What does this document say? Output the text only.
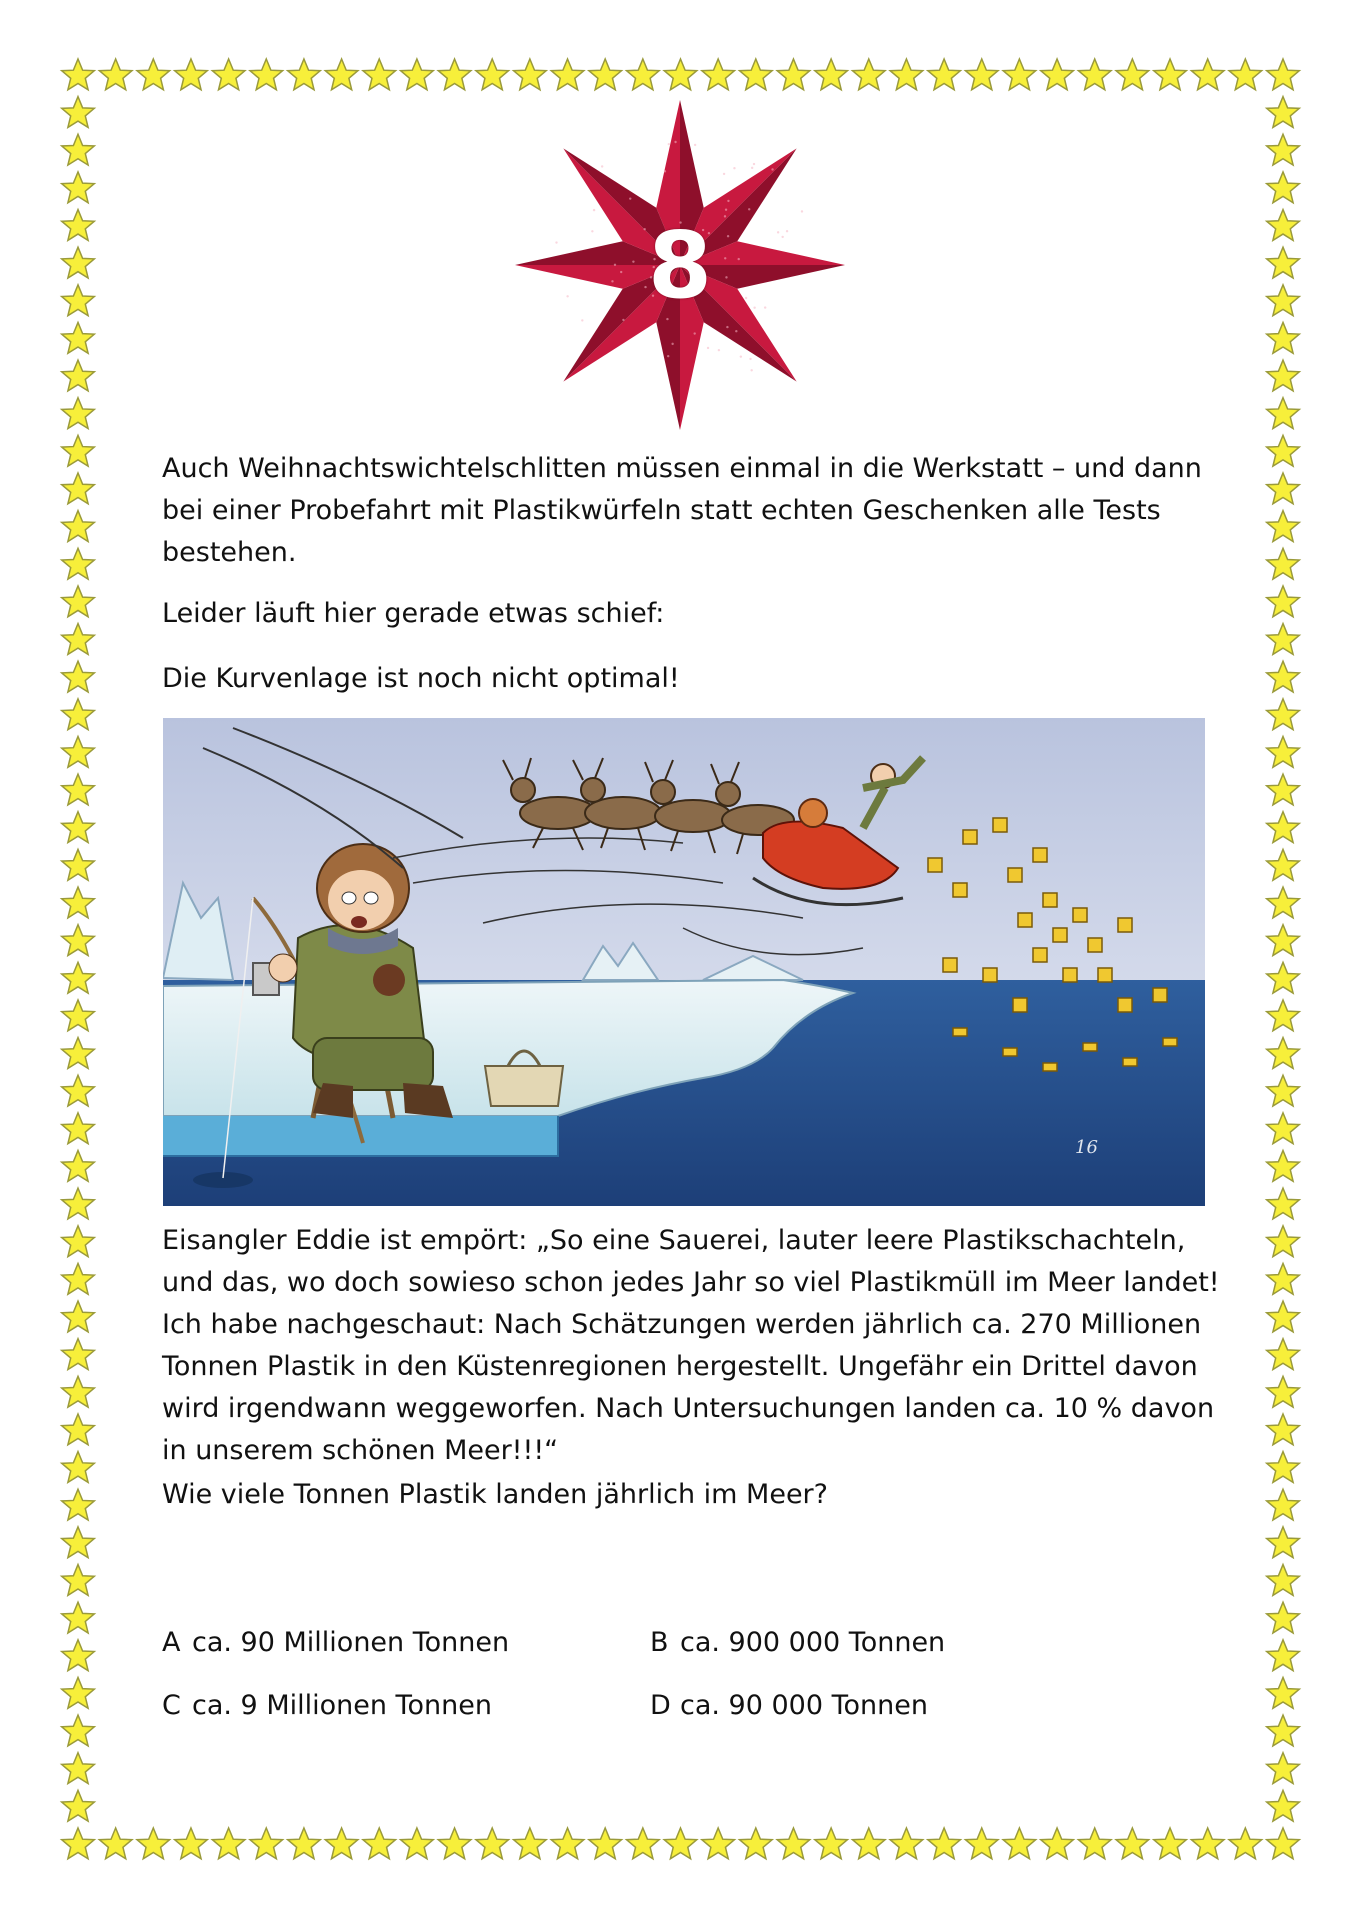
8

Auch Weihnachtswichtelschlitten müssen einmal in die Werkstatt – und dann bei einer Probefahrt mit Plastikwürfeln statt echten Geschenken alle Tests bestehen.

Leider läuft hier gerade etwas schief:

Die Kurvenlage ist noch nicht optimal!

16

Eisangler Eddie ist empört: „So eine Sauerei, lauter leere Plastikschachteln, und das, wo doch sowieso schon jedes Jahr so viel Plastikmüll im Meer landet! Ich habe nachgeschaut: Nach Schätzungen werden jährlich ca. 270 Millionen Tonnen Plastik in den Küstenregionen hergestellt. Ungefähr ein Drittel davon wird irgendwann weggeworfen. Nach Untersuchungen landen ca. 10 % davon in unserem schönen Meer!!!“

Wie viele Tonnen Plastik landen jährlich im Meer?

A ca. 90 Millionen Tonnen	B ca. 900 000 Tonnen

C ca. 9 Millionen Tonnen	D ca. 90 000 Tonnen
